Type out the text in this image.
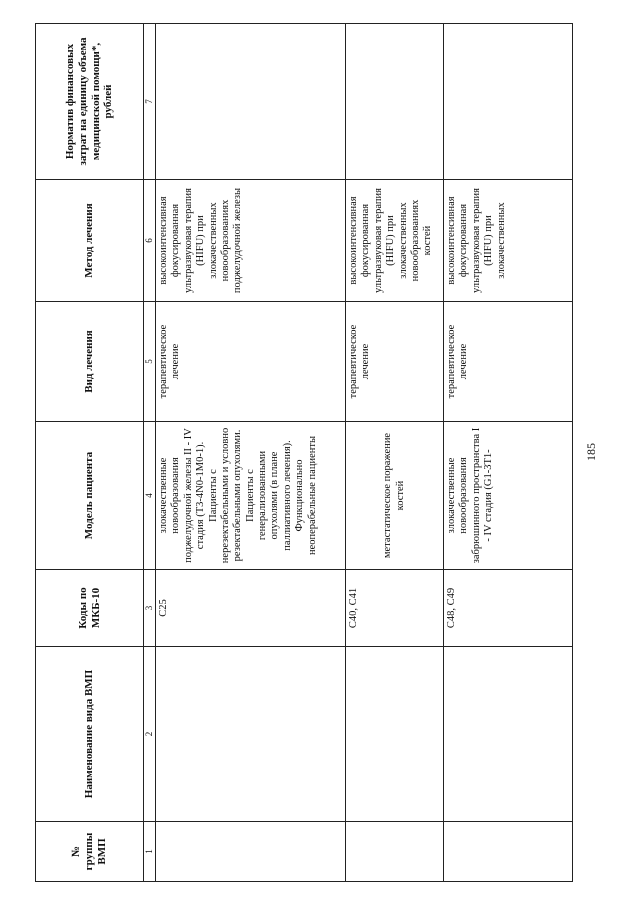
185
№ группы ВМП	Наименование вида ВМП	Коды по МКБ-10	Модель пациента	Вид лечения	Метод лечения	Норматив финансовых затрат на единицу объема медицинской помощи*, рублей
1	2	3	4	5	6	7
		C25	злокачественные новообразования поджелудочной железы II - IV стадия (T3-4N0-1M0-1). Пациенты с нерезектабельными и условно резектабельными опухолями. Пациенты с генерализованными опухолями (в плане паллиативного лечения). Функционально неоперабельные пациенты	терапевтическое лечение	высокоинтенсивная фокусированная ультразвуковая терапия (HIFU) при злокачественных новообразованиях поджелудочной железы	
		C40, C41	метастатическое поражение костей	терапевтическое лечение	высокоинтенсивная фокусированная ультразвуковая терапия (HIFU) при злокачественных новообразованиях костей	
		C48, C49	злокачественные новообразования забрюшинного пространства I - IV стадия (G1-3T1-	терапевтическое лечение	высокоинтенсивная фокусированная ультразвуковая терапия (HIFU) при злокачественных	
